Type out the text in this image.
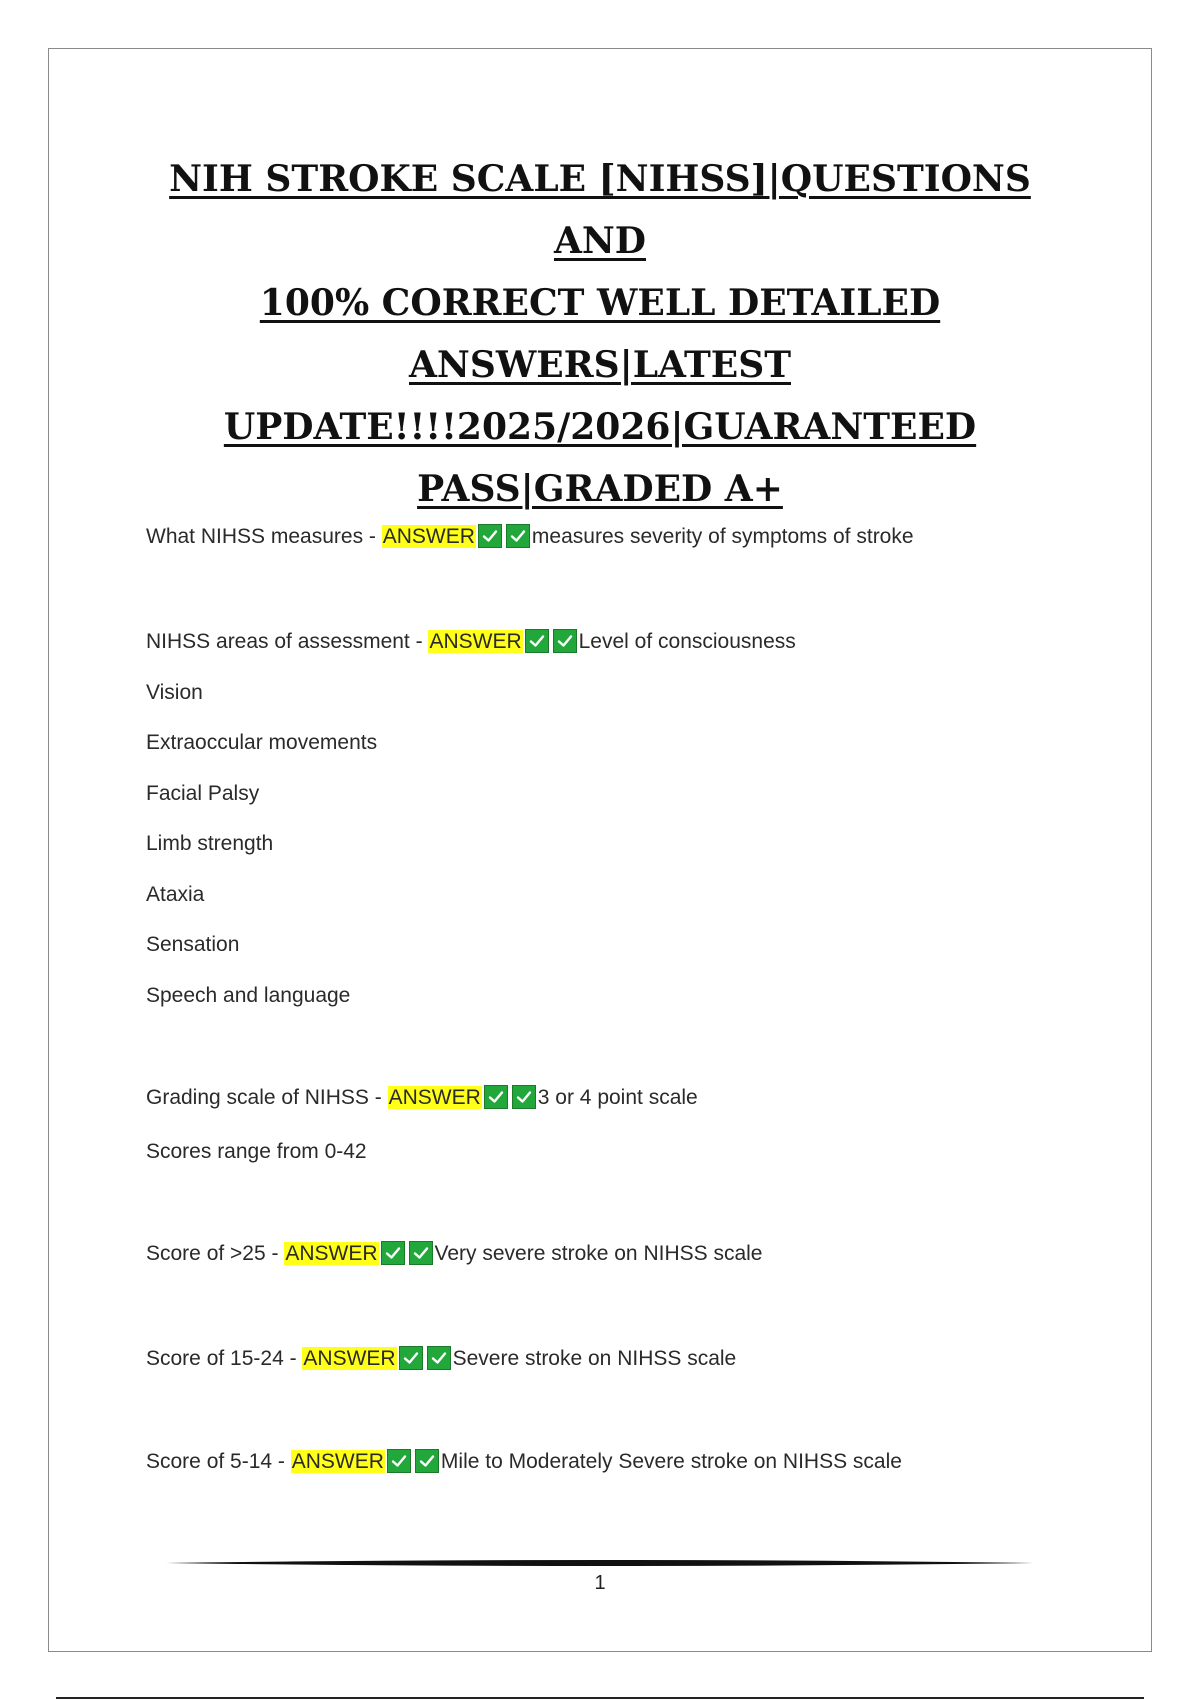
NIH STROKE SCALE [NIHSS]|QUESTIONS AND
100% CORRECT WELL DETAILED
ANSWERS|LATEST
UPDATE!!!!2025/2026|GUARANTEED
PASS|GRADED A+
What NIHSS measures - ANSWER	measures severity of symptoms of stroke
NIHSS areas of assessment - ANSWER	Level of consciousness
Vision
Extraoccular movements
Facial Palsy
Limb strength
Ataxia
Sensation
Speech and language
Grading scale of NIHSS - ANSWER	3 or 4 point scale
Scores range from 0-42
Score of >25 - ANSWER	Very severe stroke on NIHSS scale
Score of 15-24 - ANSWER	Severe stroke on NIHSS scale
Score of 5-14 - ANSWER	Mile to Moderately Severe stroke on NIHSS scale
1
